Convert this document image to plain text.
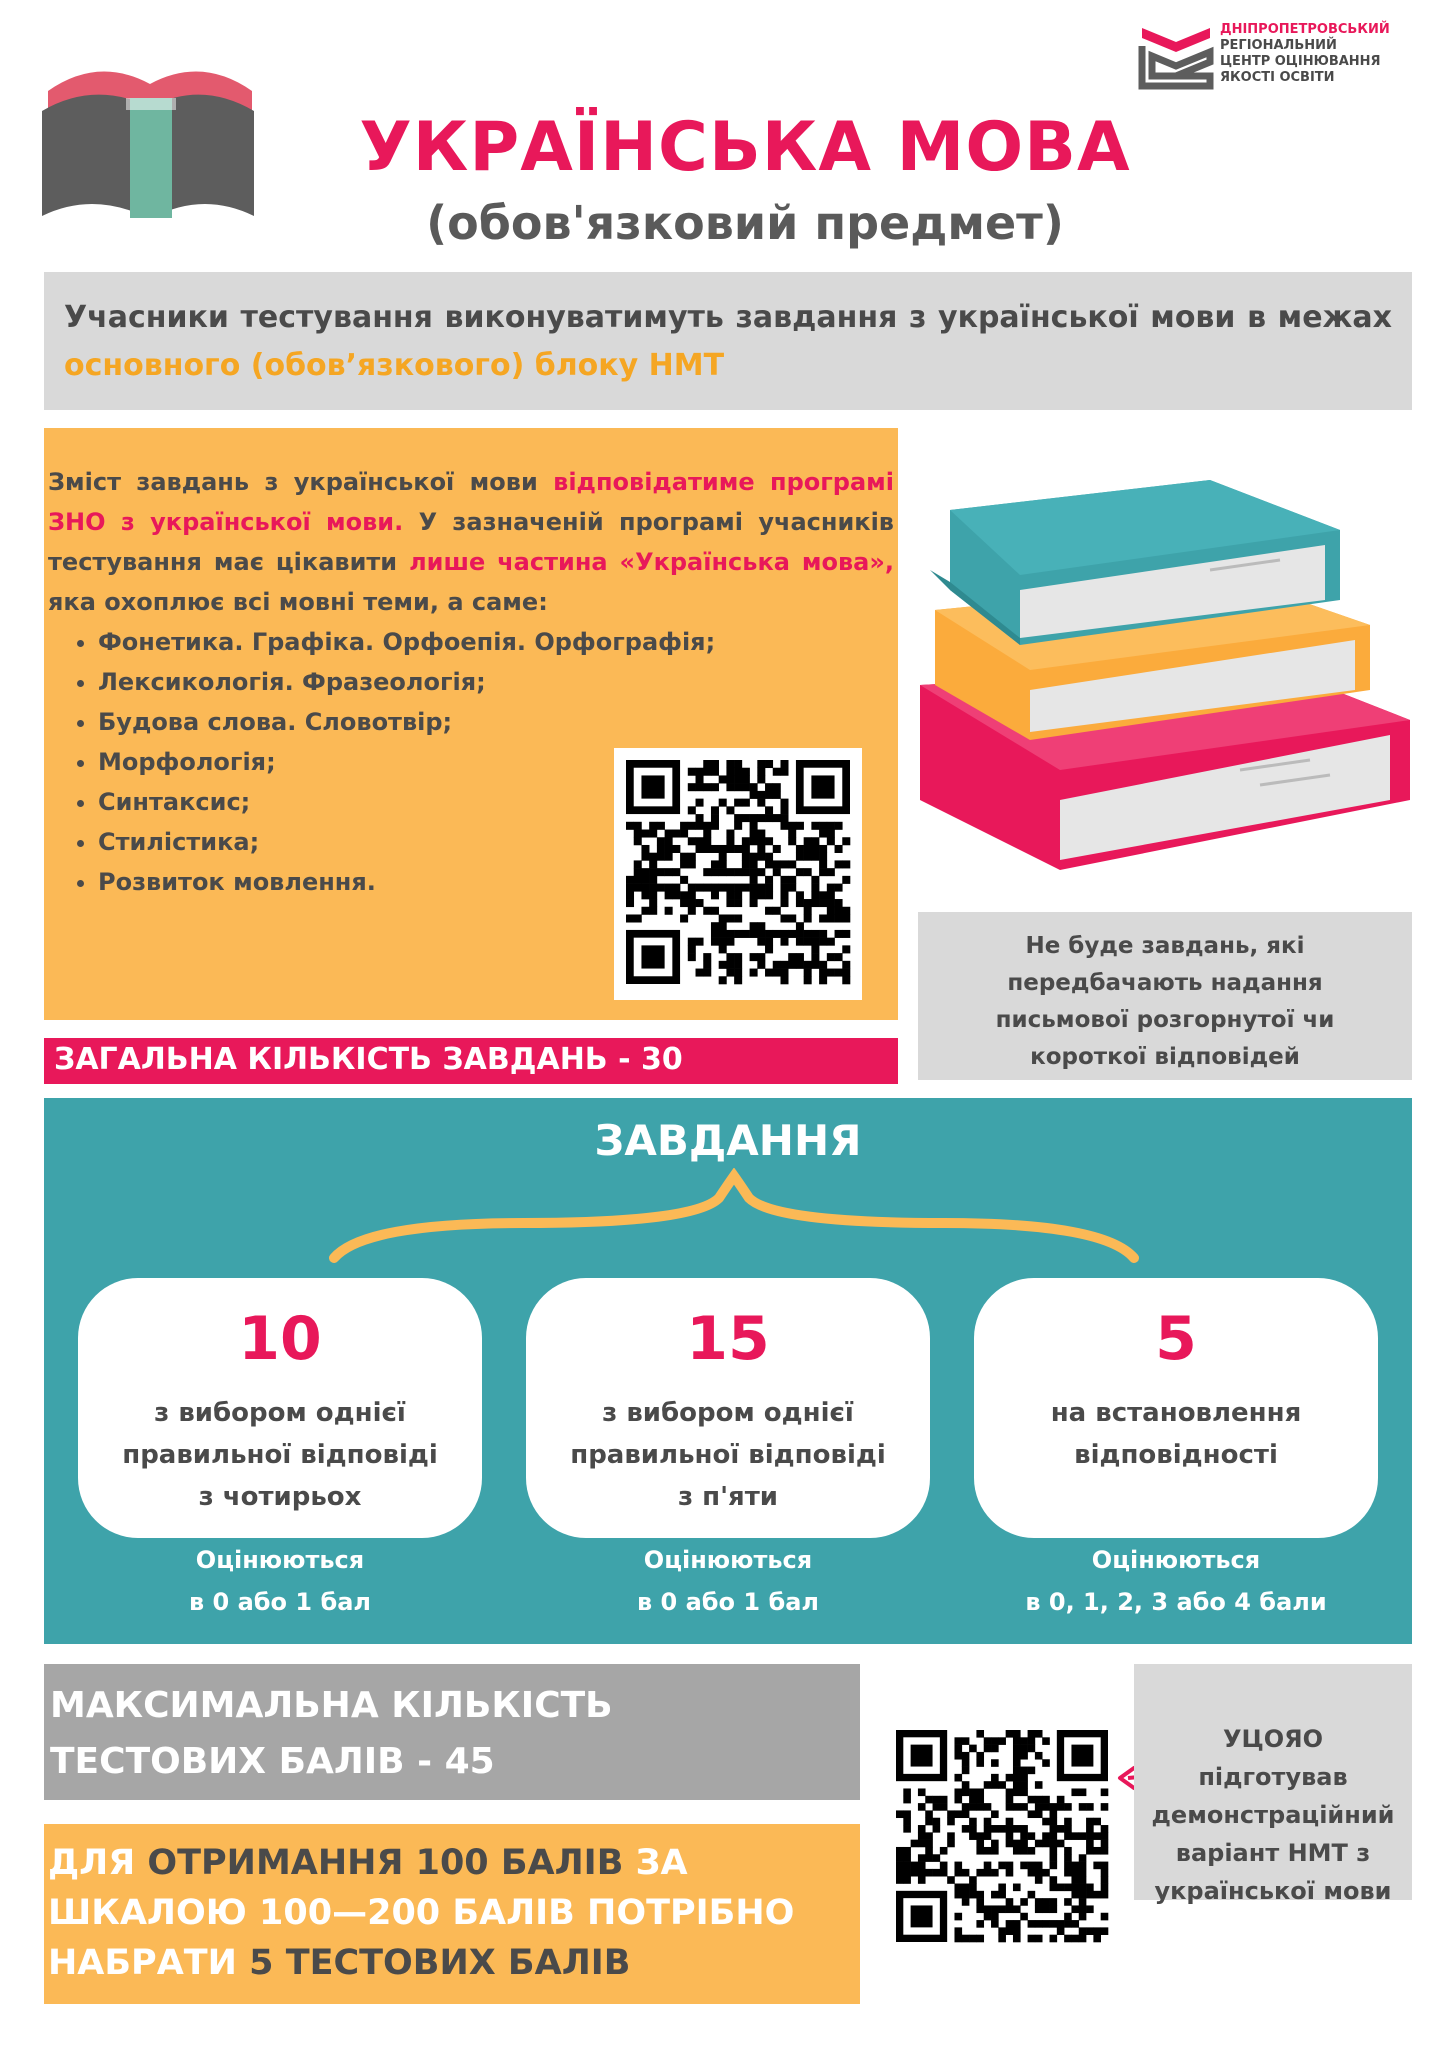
ДНІПРОПЕТРОВСЬКИЙ
РЕГІОНАЛЬНИЙ
ЦЕНТР ОЦІНЮВАННЯ
ЯКОСТІ ОСВІТИ
УКРАЇНСЬКА МОВА
(обов'язковий предмет)
Учасники тестування виконуватимуть завдання з української мови в межах основного (обов’язкового) блоку НМТ
Зміст завдань з української мови відповідатиме програмі ЗНО з української мови. У зазначеній програмі учасників тестування має цікавити лише частина «Українська мова», яка охоплює всі мовні теми, а саме:
• Фонетика. Графіка. Орфоепія. Орфографія;
• Лексикологія. Фразеологія;
• Будова слова. Словотвір;
• Морфологія;
• Синтаксис;
• Стилістика;
• Розвиток мовлення.
Не буде завдань, які передбачають надання письмової розгорнутої чи короткої відповідей
ЗАГАЛЬНА КІЛЬКІСТЬ ЗАВДАНЬ - 30
ЗАВДАННЯ
10
з вибором однієї правильної відповіді з чотирьох
Оцінюються
в 0 або 1 бал
15
з вибором однієї правильної відповіді з п'яти
Оцінюються
в 0 або 1 бал
5
на встановлення відповідності
Оцінюються
в 0, 1, 2, 3 або 4 бали
МАКСИМАЛЬНА КІЛЬКІСТЬ
ТЕСТОВИХ БАЛІВ - 45
ДЛЯ ОТРИМАННЯ 100 БАЛІВ ЗА ШКАЛОЮ 100—200 БАЛІВ ПОТРІБНО НАБРАТИ 5 ТЕСТОВИХ БАЛІВ
УЦОЯО
підготував демонстраційний варіант НМТ з української мови
